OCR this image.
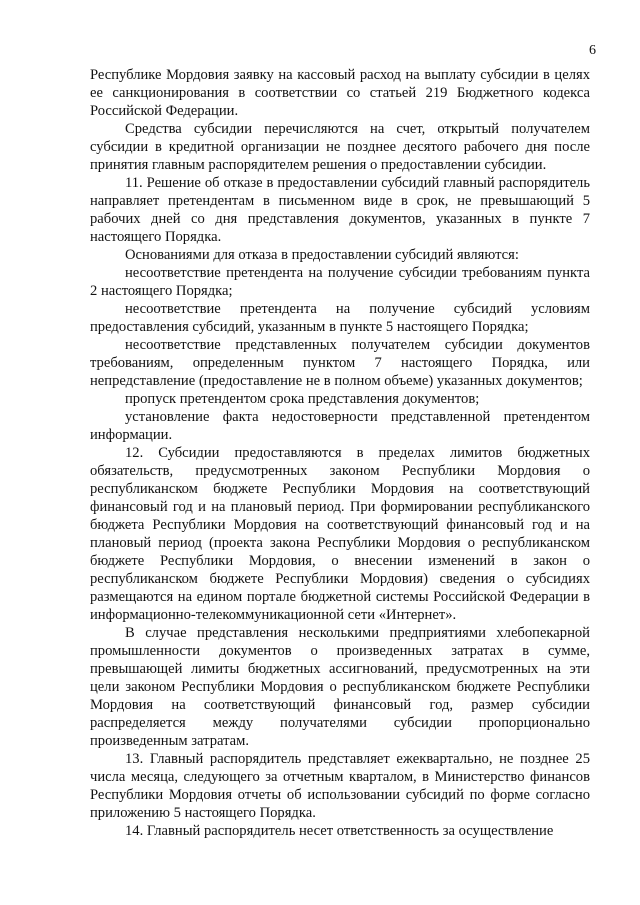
6

Республике Мордовия заявку на кассовый расход на выплату субсидии в целях ее санкционирования в соответствии со статьей 219 Бюджетного кодекса Российской Федерации.

Средства субсидии перечисляются на счет, открытый получателем субсидии в кредитной организации не позднее десятого рабочего дня после принятия главным распорядителем решения о предоставлении субсидии.

11. Решение об отказе в предоставлении субсидий главный распорядитель направляет претендентам в письменном виде в срок, не превышающий 5 рабочих дней со дня представления документов, указанных в пункте 7 настоящего Порядка.

Основаниями для отказа в предоставлении субсидий являются:

несоответствие претендента на получение субсидии требованиям пункта 2 настоящего Порядка;

несоответствие претендента на получение субсидий условиям предоставления субсидий, указанным в пункте 5 настоящего Порядка;

несоответствие представленных получателем субсидии документов требованиям, определенным пунктом 7 настоящего Порядка, или непредставление (предоставление не в полном объеме) указанных документов;

пропуск претендентом срока представления документов;

установление факта недостоверности представленной претендентом информации.

12. Субсидии предоставляются в пределах лимитов бюджетных обязательств, предусмотренных законом Республики Мордовия о республиканском бюджете Республики Мордовия на соответствующий финансовый год и на плановый период. При формировании республиканского бюджета Республики Мордовия на соответствующий финансовый год и на плановый период (проекта закона Республики Мордовия о республиканском бюджете Республики Мордовия, о внесении изменений в закон о республиканском бюджете Республики Мордовия) сведения о субсидиях размещаются на едином портале бюджетной системы Российской Федерации в информационно-телекоммуникационной сети «Интернет».

В случае представления несколькими предприятиями хлебопекарной промышленности документов о произведенных затратах в сумме, превышающей лимиты бюджетных ассигнований, предусмотренных на эти цели законом Республики Мордовия о республиканском бюджете Республики Мордовия на соответствующий финансовый год, размер субсидии распределяется между получателями субсидии пропорционально произведенным затратам.

13. Главный распорядитель представляет ежеквартально, не позднее 25 числа месяца, следующего за отчетным кварталом, в Министерство финансов Республики Мордовия отчеты об использовании субсидий по форме согласно приложению 5 настоящего Порядка.

14. Главный распорядитель несет ответственность за осуществление
